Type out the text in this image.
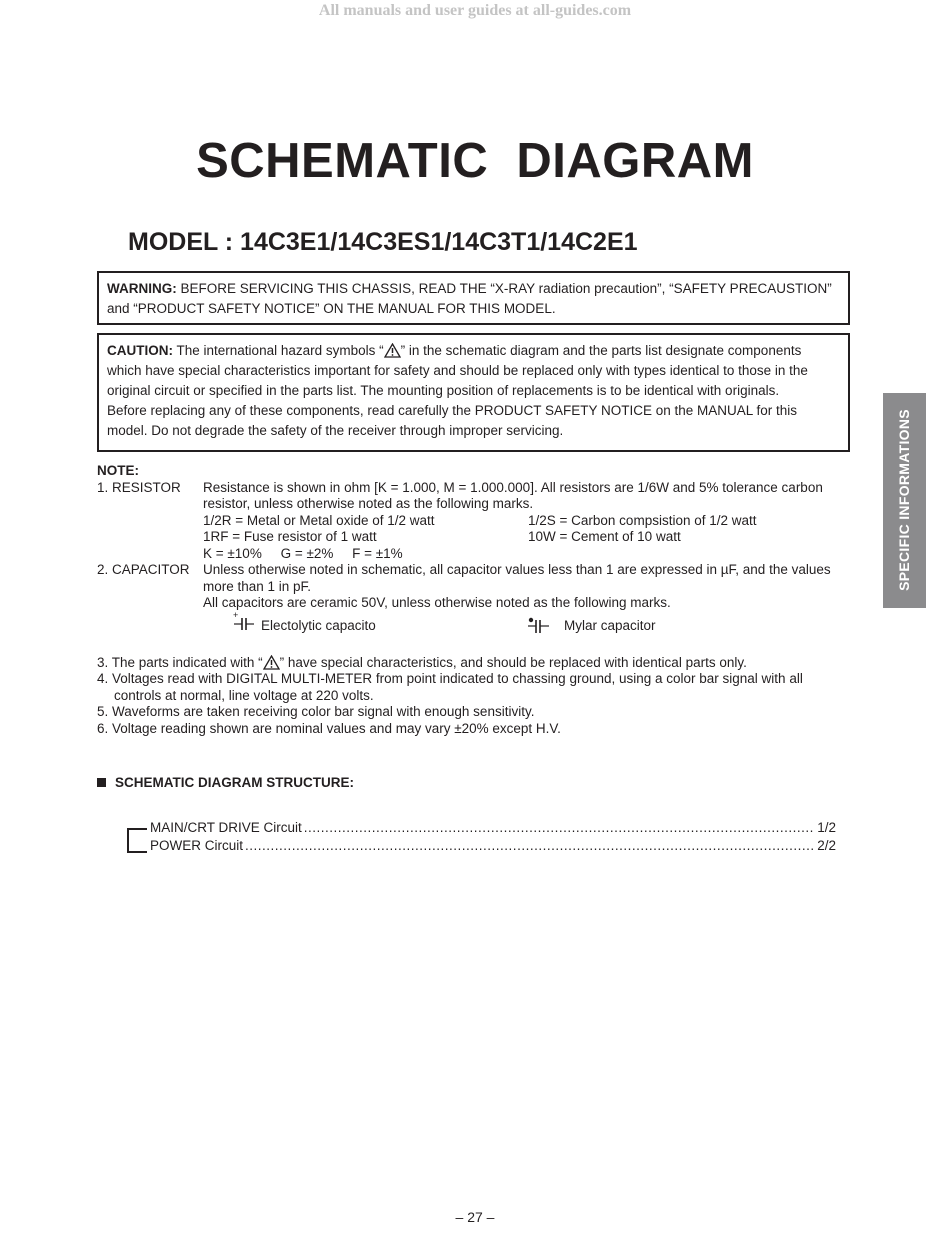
All manuals and user guides at all-guides.com
SCHEMATIC DIAGRAM
MODEL : 14C3E1/14C3ES1/14C3T1/14C2E1
WARNING: BEFORE SERVICING THIS CHASSIS, READ THE “X-RAY radiation precaution”, “SAFETY PRECAUSTION”
and “PRODUCT SAFETY NOTICE” ON THE MANUAL FOR THIS MODEL.
CAUTION: The international hazard symbols “ ” in the schematic diagram and the parts list designate components
which have special characteristics important for safety and should be replaced only with types identical to those in the
original circuit or specified in the parts list. The mounting position of replacements is to be identical with originals.
Before replacing any of these components, read carefully the PRODUCT SAFETY NOTICE on the MANUAL for this
model. Do not degrade the safety of the receiver through improper servicing.	SPECIFIC INFORMATIONS
NOTE:
1. RESISTOR Resistance is shown in ohm [K = 1.000, M = 1.000.000]. All resistors are 1/6W and 5% tolerance carbon
resistor, unless otherwise noted as the following marks.
1/2R = Metal or Metal oxide of 1/2 watt	1/2S = Carbon compsistion of 1/2 watt
1RF = Fuse resistor of 1 watt	10W = Cement of 10 watt
K = ±10%     G = ±2%     F = ±1%
2. CAPACITOR Unless otherwise noted in schematic, all capacitor values less than 1 are expressed in µF, and the values
more than 1 in pF.
All capacitors are ceramic 50V, unless otherwise noted as the following marks.
+
Electolytic capacito	Mylar capacitor
3. The parts indicated with “ ” have special characteristics, and should be replaced with identical parts only.
4. Voltages read with DIGITAL MULTI-METER from point indicated to chassing ground, using a color bar signal with all
controls at normal, line voltage at 220 volts.
5. Waveforms are taken receiving color bar signal with enough sensitivity.
6. Voltage reading shown are nominal values and may vary ±20% except H.V.
SCHEMATIC DIAGRAM STRUCTURE:
MAIN/CRT DRIVE Circuit .....	1/2
POWER Circuit .....	2/2
– 27 –
